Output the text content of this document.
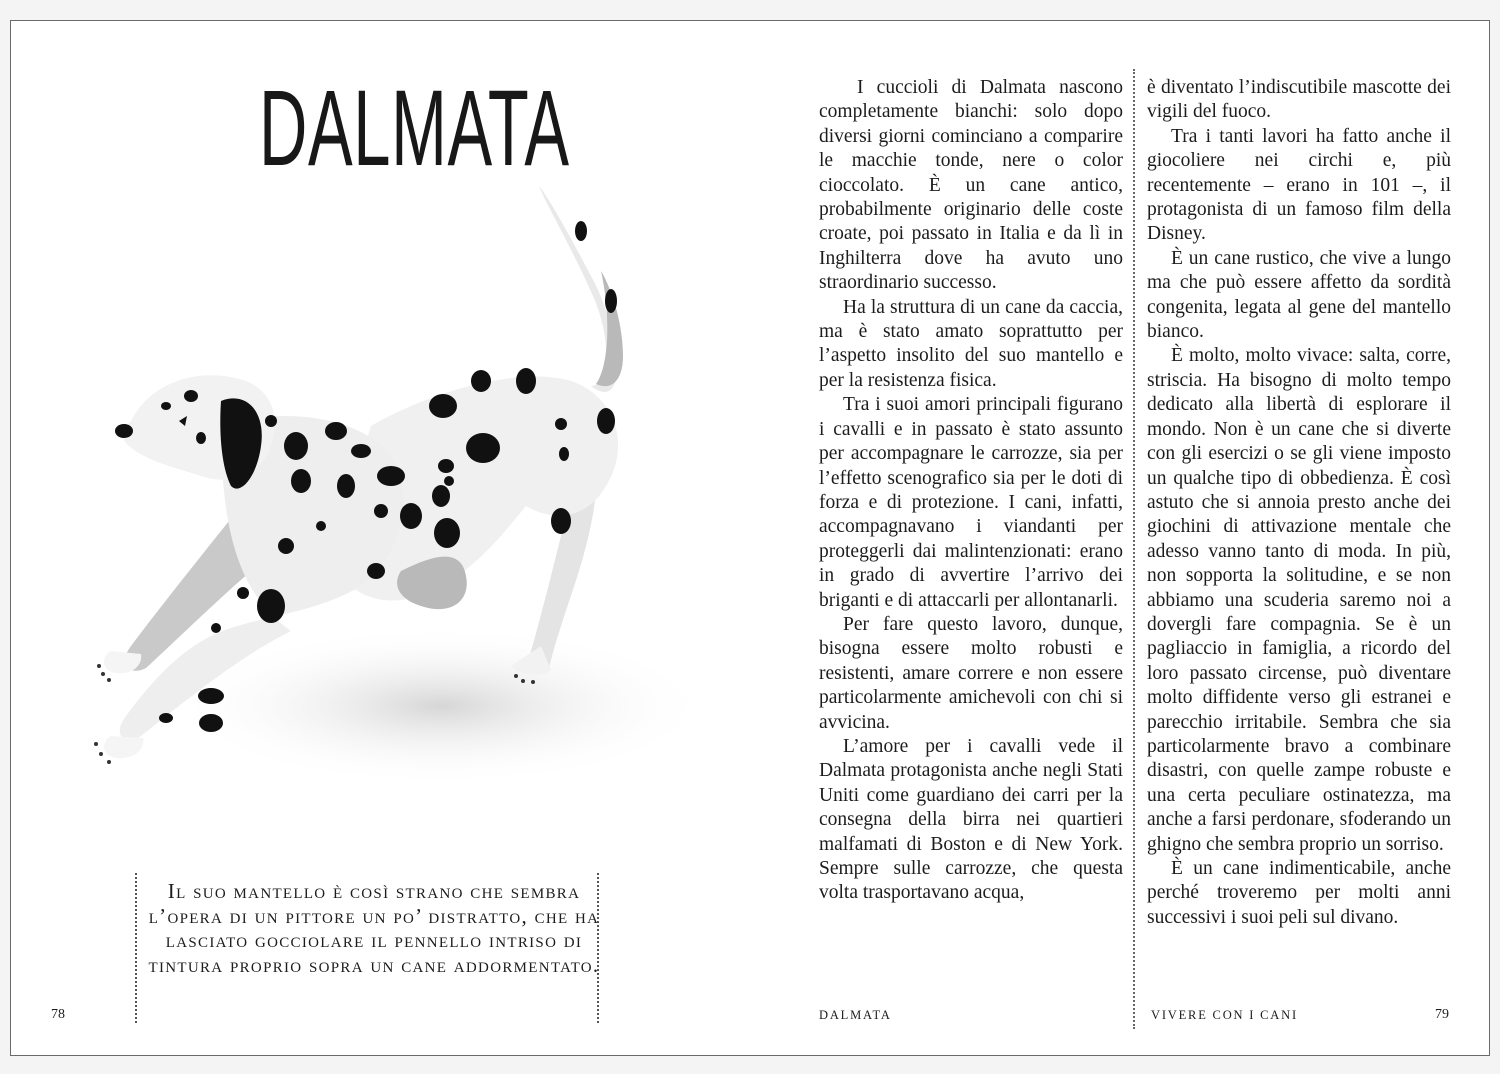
DALMATA

Il suo mantello è così strano che sembra l’opera di un pittore un po’ distratto, che ha lasciato gocciolare il pennello intriso di tintura proprio sopra un cane addormentato.

I cuccioli di Dalmata nascono completamente bianchi: solo dopo diversi giorni cominciano a comparire le macchie tonde, nere o color cioccolato. È un cane antico, probabilmente originario delle coste croate, poi passato in Italia e da lì in Inghilterra dove ha avuto uno straordinario successo.

Ha la struttura di un cane da caccia, ma è stato amato soprattutto per l’aspetto insolito del suo mantello e per la resistenza fisica.

Tra i suoi amori principali figurano i cavalli e in passato è stato assunto per accompagnare le carrozze, sia per l’effetto scenografico sia per le doti di forza e di protezione. I cani, infatti, accompagnavano i viandanti per proteggerli dai malintenzionati: erano in grado di avvertire l’arrivo dei briganti e di attaccarli per allontanarli.

Per fare questo lavoro, dunque, bisogna essere molto robusti e resistenti, amare correre e non essere particolarmente amichevoli con chi si avvicina.

L’amore per i cavalli vede il Dalmata protagonista anche negli Stati Uniti come guardiano dei carri per la consegna della birra nei quartieri malfamati di Boston e di New York. Sempre sulle carrozze, che questa volta trasportavano acqua,

è diventato l’indiscutibile mascotte dei vigili del fuoco.

Tra i tanti lavori ha fatto anche il giocoliere nei circhi e, più recentemente – erano in 101 –, il protagonista di un famoso film della Disney.

È un cane rustico, che vive a lungo ma che può essere affetto da sordità congenita, legata al gene del mantello bianco.

È molto, molto vivace: salta, corre, striscia. Ha bisogno di molto tempo dedicato alla libertà di esplorare il mondo. Non è un cane che si diverte con gli esercizi o se gli viene imposto un qualche tipo di obbedienza. È così astuto che si annoia presto anche dei giochini di attivazione mentale che adesso vanno tanto di moda. In più, non sopporta la solitudine, e se non abbiamo una scuderia saremo noi a dovergli fare compagnia. Se è un pagliaccio in famiglia, a ricordo del loro passato circense, può diventare molto diffidente verso gli estranei e parecchio irritabile. Sembra che sia particolarmente bravo a combinare disastri, con quelle zampe robuste e una certa peculiare ostinatezza, ma anche a farsi perdonare, sfoderando un ghigno che sembra proprio un sorriso.

È un cane indimenticabile, anche perché troveremo per molti anni successivi i suoi peli sul divano.

78	DALMATA	VIVERE CON I CANI	79
